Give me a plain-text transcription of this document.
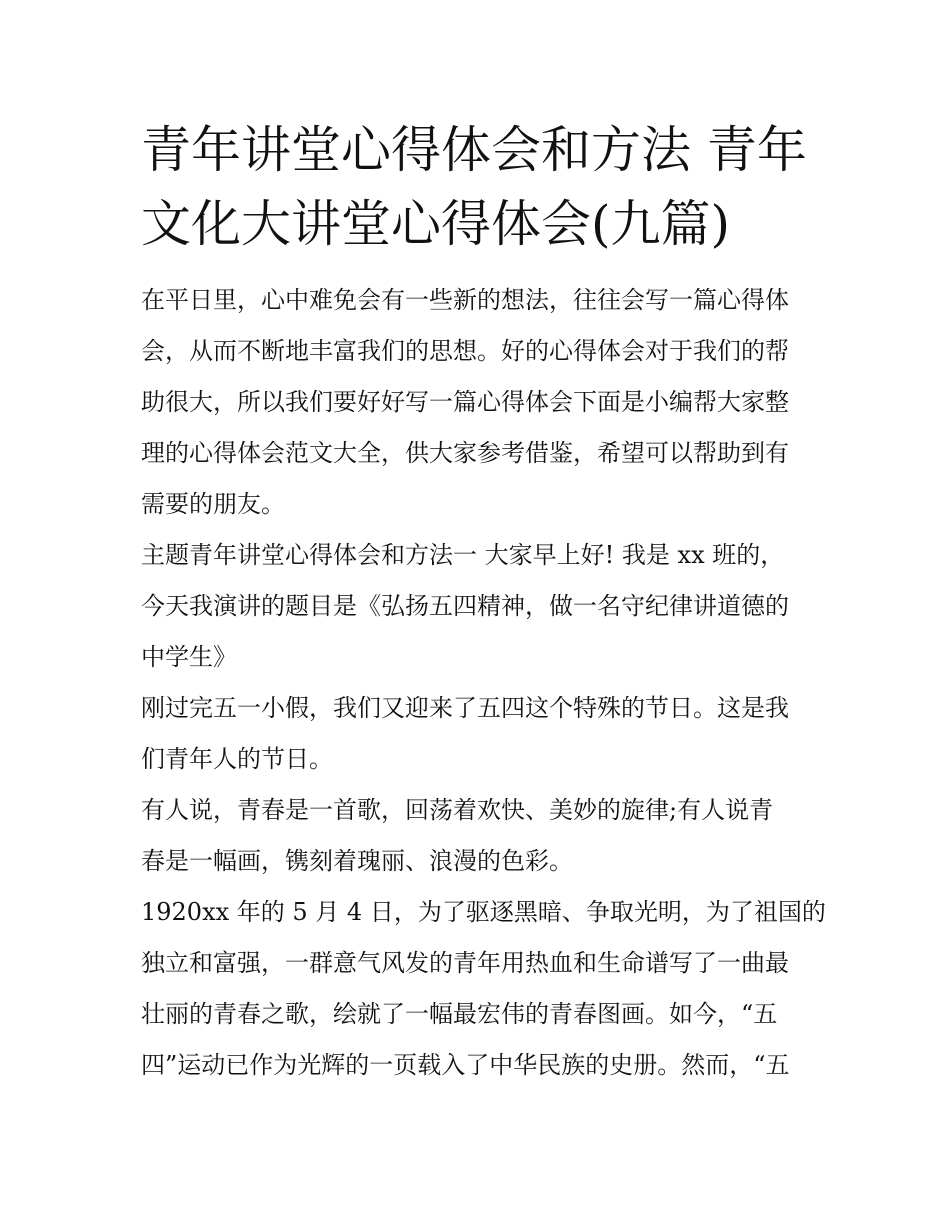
青年讲堂心得体会和方法 青年
文化大讲堂心得体会(九篇)

在平日里，心中难免会有一些新的想法，往往会写一篇心得体
会，从而不断地丰富我们的思想。好的心得体会对于我们的帮
助很大，所以我们要好好写一篇心得体会下面是小编帮大家整
理的心得体会范文大全，供大家参考借鉴，希望可以帮助到有
需要的朋友。

主题青年讲堂心得体会和方法一 大家早上好! 我是 xx 班的，
今天我演讲的题目是《弘扬五四精神，做一名守纪律讲道德的
中学生》

刚过完五一小假，我们又迎来了五四这个特殊的节日。这是我
们青年人的节日。

有人说，青春是一首歌，回荡着欢快、美妙的旋律;有人说青
春是一幅画，镌刻着瑰丽、浪漫的色彩。

1920xx 年的 5 月 4 日，为了驱逐黑暗、争取光明，为了祖国的
独立和富强，一群意气风发的青年用热血和生命谱写了一曲最
壮丽的青春之歌，绘就了一幅最宏伟的青春图画。如今，“五
四”运动已作为光辉的一页载入了中华民族的史册。然而，“五
